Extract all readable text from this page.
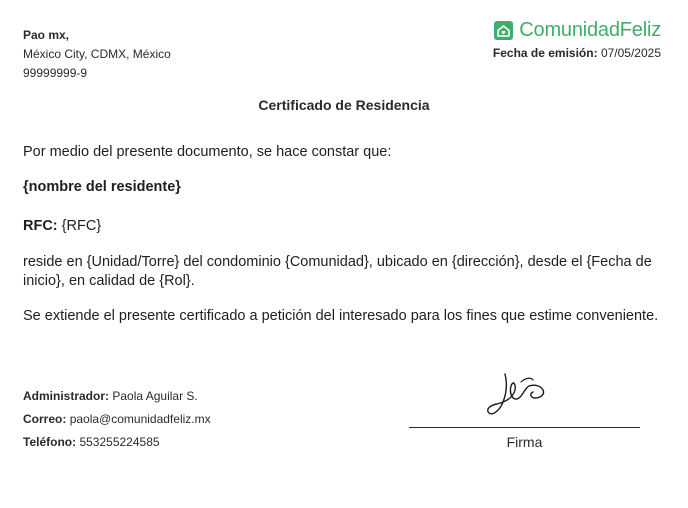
Pao mx,
México City, CDMX, México
99999999-9
ComunidadFeliz
Fecha de emisión: 07/05/2025
Certificado de Residencia
Por medio del presente documento, se hace constar que:
{nombre del residente}
RFC: {RFC}
reside en {Unidad/Torre} del condominio {Comunidad}, ubicado en {dirección}, desde el {Fecha de inicio}, en calidad de {Rol}.
Se extiende el presente certificado a petición del interesado para los fines que estime conveniente.
Administrador: Paola Aguilar S.
Correo: paola@comunidadfeliz.mx
Teléfono: 553255224585	Firma
